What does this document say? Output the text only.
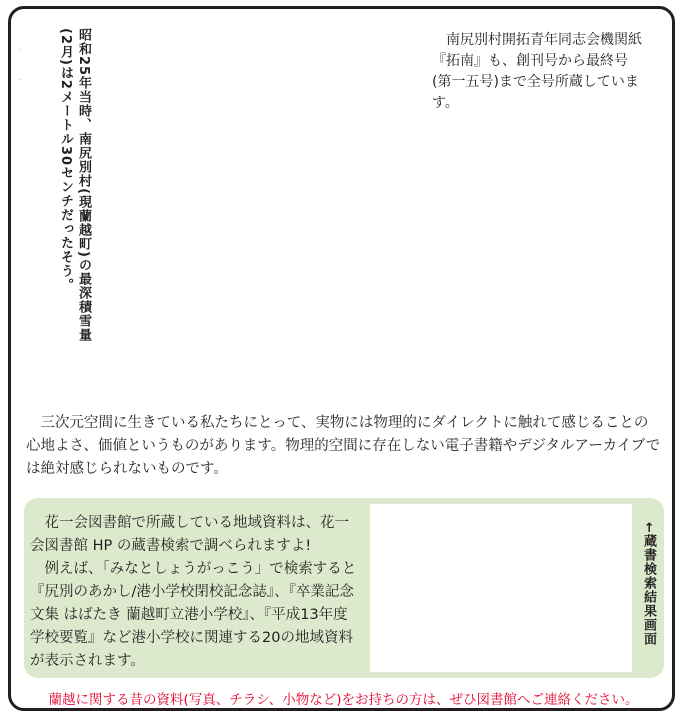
.
.	昭和25年当時、南尻別村(現蘭越町)の最深積雪量
(2月)は2メートル30センチだったそう。	南尻別村開拓青年同志会機関紙『拓南』も、創刊号から最終号(第一五号)まで全号所蔵しています。

三次元空間に生きている私たちにとって、実物には物理的にダイレクトに触れて感じることの心地よさ、価値というものがあります。物理的空間に存在しない電子書籍やデジタルアーカイブでは絶対感じられないものです。

花一会図書館で所蔵している地域資料は、花一会図書館 HP の蔵書検索で調べられますよ!

例えば、「みなとしょうがっこう」で検索すると『尻別のあかし/港小学校閉校記念誌』、『卒業記念文集 はばたき 蘭越町立港小学校』、『平成13年度 学校要覧』など港小学校に関連する20の地域資料が表示されます。

←蔵書検索結果画面
蘭越に関する昔の資料(写真、チラシ、小物など)をお持ちの方は、ぜひ図書館へご連絡ください。
